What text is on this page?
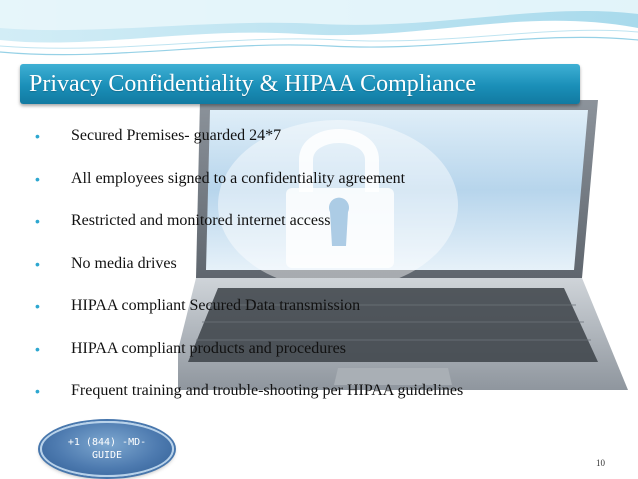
Privacy Confidentiality & HIPAA Compliance
•	Secured Premises- guarded 24*7
•	All employees signed to a confidentiality agreement
•	Restricted and monitored internet access
•	No media drives
•	HIPAA compliant Secured Data transmission
•	HIPAA compliant products and procedures
•	Frequent training and trouble-shooting per HIPAA guidelines
+1 (844) -MD-GUIDE
10
